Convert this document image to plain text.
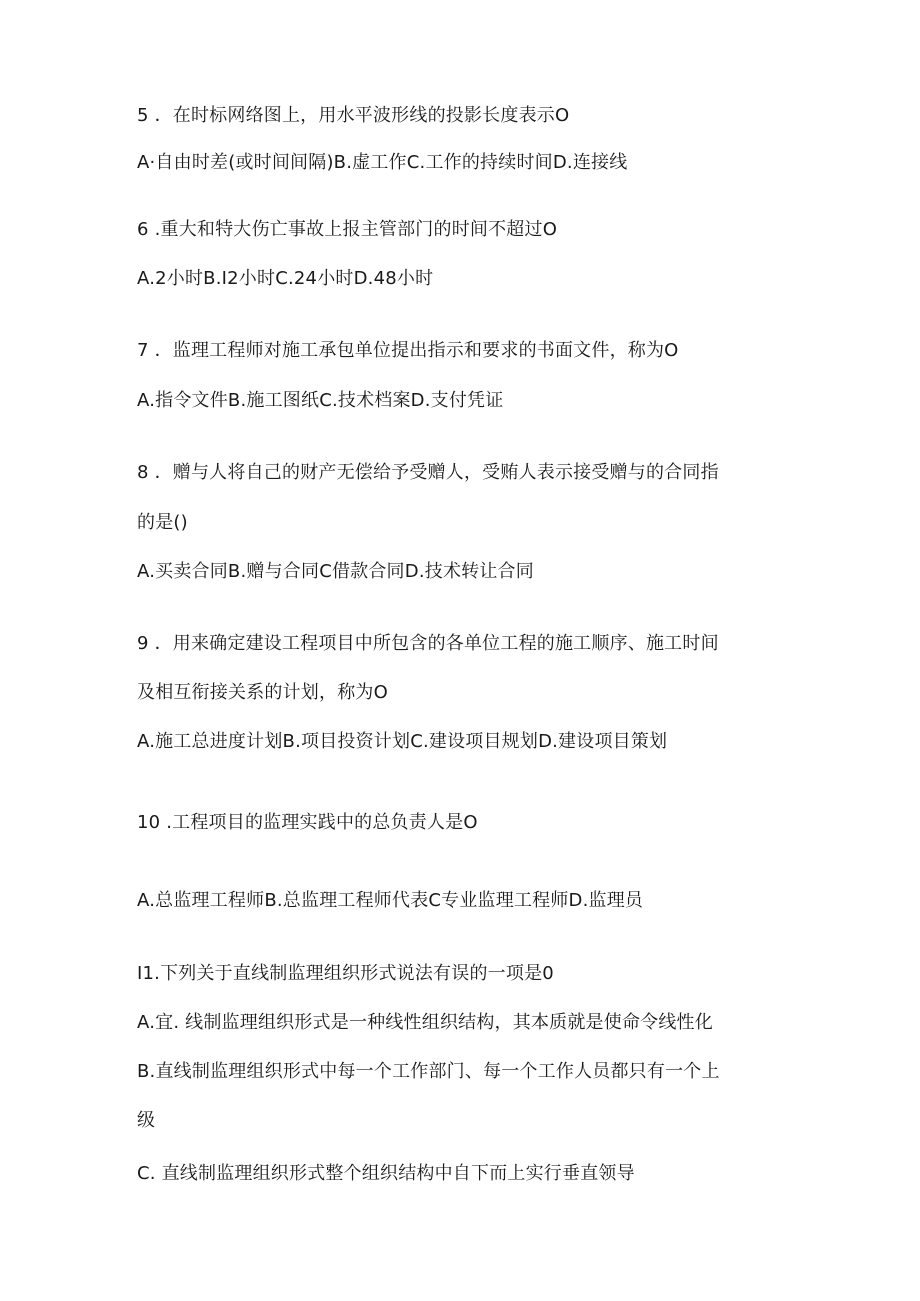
5 ．在时标网络图上，用水平波形线的投影长度表示O
A·自由时差(或时间间隔)B.虚工作C.工作的持续时间D.连接线
6 .重大和特大伤亡事故上报主管部门的时间不超过O
A.2小时B.I2小时C.24小时D.48小时
7 ．监理工程师对施工承包单位提出指示和要求的书面文件，称为O
A.指令文件B.施工图纸C.技术档案D.支付凭证
8 ．赠与人将自己的财产无偿给予受赠人，受贿人表示接受赠与的合同指
的是()
A.买卖合同B.赠与合同C借款合同D.技术转让合同
9 ．用来确定建设工程项目中所包含的各单位工程的施工顺序、施工时间
及相互衔接关系的计划，称为O
A.施工总进度计划B.项目投资计划C.建设项目规划D.建设项目策划
10 .工程项目的监理实践中的总负责人是O
A.总监理工程师B.总监理工程师代表C专业监理工程师D.监理员
I1.下列关于直线制监理组织形式说法有误的一项是0
A.宜. 线制监理组织形式是一种线性组织结构，其本质就是使命令线性化
B.直线制监理组织形式中每一个工作部门、每一个工作人员都只有一个上
级
C. 直线制监理组织形式整个组织结构中自下而上实行垂直领导
